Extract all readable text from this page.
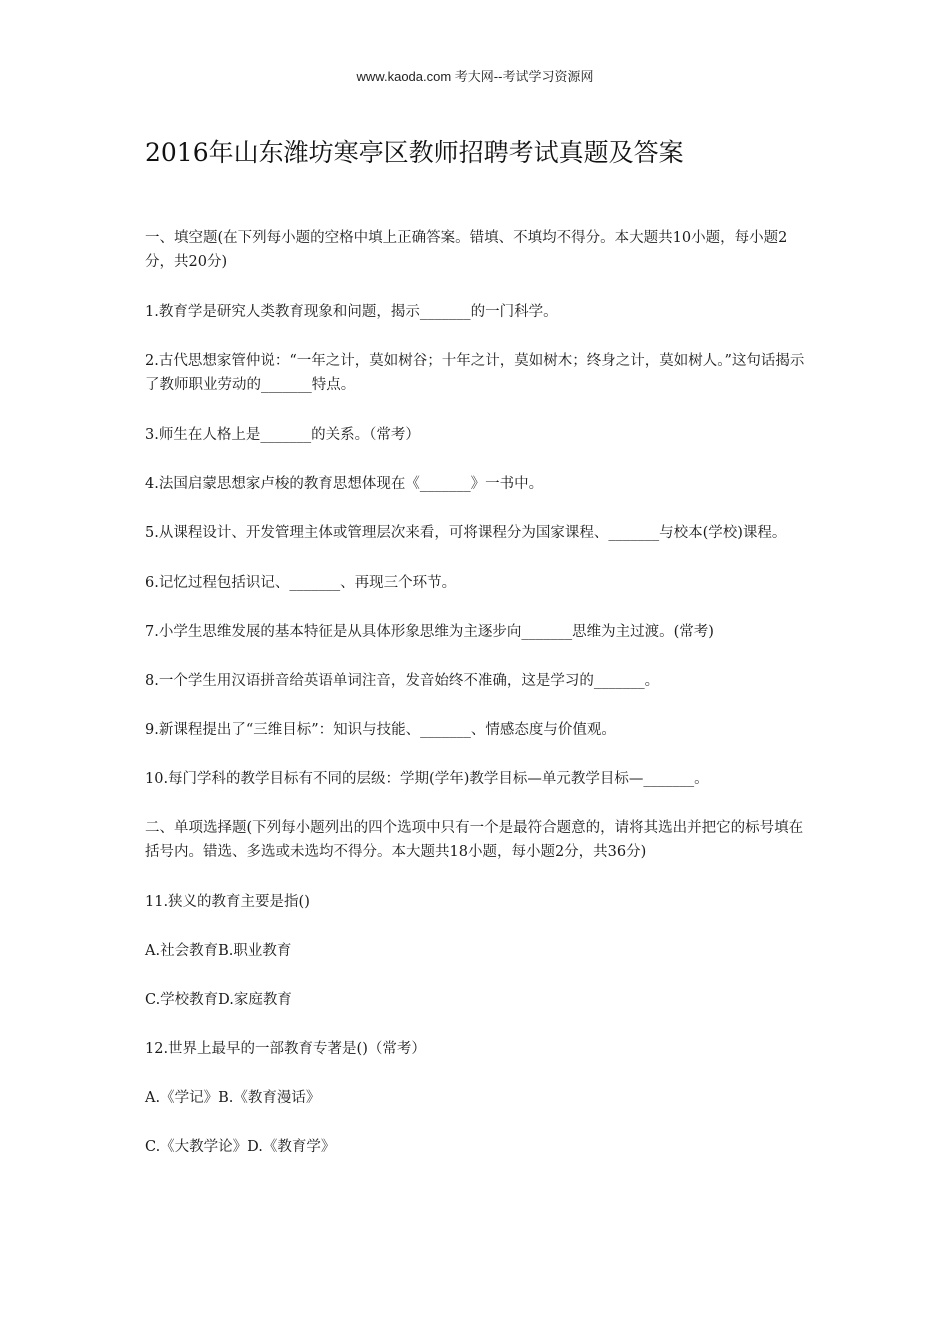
www.kaoda.com 考大网--考试学习资源网
2016年山东潍坊寒亭区教师招聘考试真题及答案

一、填空题(在下列每小题的空格中填上正确答案。错填、不填均不得分。本大题共10小题，每小题2分，共20分)

1.教育学是研究人类教育现象和问题，揭示_______的一门科学。

2.古代思想家管仲说：“一年之计，莫如树谷；十年之计，莫如树木；终身之计，莫如树人。”这句话揭示了教师职业劳动的_______特点。

3.师生在人格上是_______的关系。（常考）

4.法国启蒙思想家卢梭的教育思想体现在《_______》一书中。

5.从课程设计、开发管理主体或管理层次来看，可将课程分为国家课程、_______与校本(学校)课程。

6.记忆过程包括识记、_______、再现三个环节。

7.小学生思维发展的基本特征是从具体形象思维为主逐步向_______思维为主过渡。(常考)

8.一个学生用汉语拼音给英语单词注音，发音始终不准确，这是学习的_______。

9.新课程提出了“三维目标”：知识与技能、_______、情感态度与价值观。

10.每门学科的教学目标有不同的层级：学期(学年)教学目标—单元教学目标—_______。

二、单项选择题(下列每小题列出的四个选项中只有一个是最符合题意的，请将其选出并把它的标号填在括号内。错选、多选或未选均不得分。本大题共18小题，每小题2分，共36分)

11.狭义的教育主要是指()

A.社会教育B.职业教育

C.学校教育D.家庭教育

12.世界上最早的一部教育专著是()（常考）

A.《学记》B.《教育漫话》

C.《大教学论》D.《教育学》
